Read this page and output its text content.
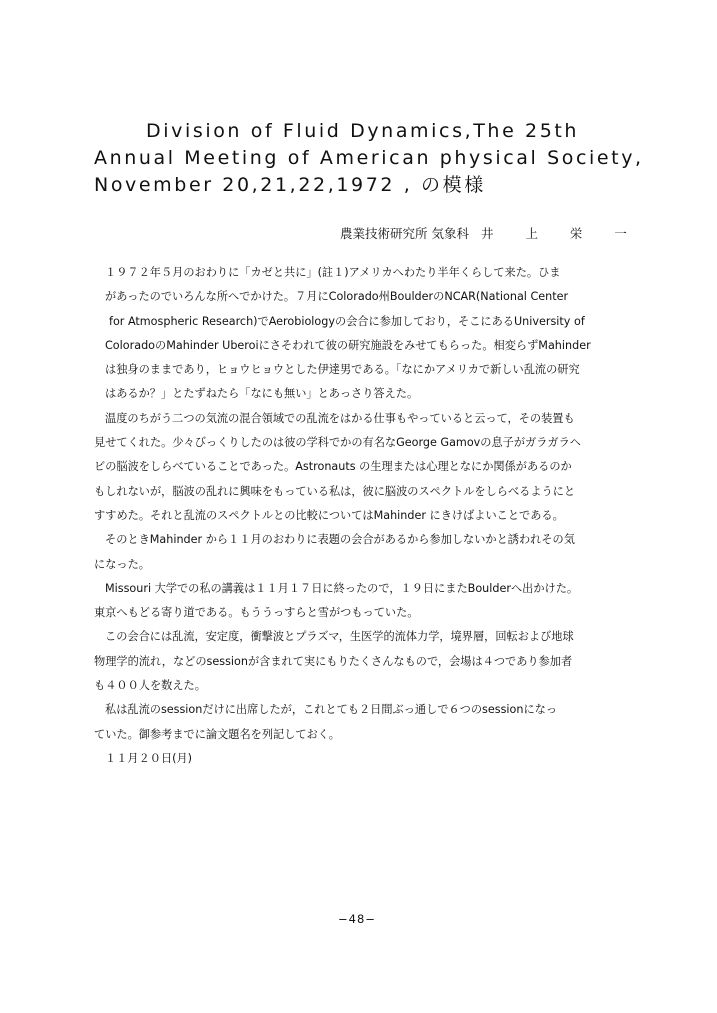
Division of Fluid Dynamics,The 25th
Annual Meeting of American physical Society,
November 20,21,22,1972 , の模様
農業技術研究所 気象科 井 上 栄 一

１９７２年５月のおわりに「カゼと共に」(註１)アメリカへわたり半年くらして来た。ひま
があったのでいろんな所へでかけた。７月にColorado州BoulderのNCAR(National Center
for Atmospheric Research)でAerobiologyの会合に参加しており，そこにあるUniversity of
ColoradoのMahinder Uberoiにさそわれて彼の研究施設をみせてもらった。相変らずMahinder
は独身のままであり，ヒョウヒョウとした伊達男である。「なにかアメリカで新しい乱流の研究
はあるか？」とたずねたら「なにも無い」とあっさり答えた。

温度のちがう二つの気流の混合領域での乱流をはかる仕事もやっていると云って，その装置も
見せてくれた。少々びっくりしたのは彼の学科でかの有名なGeorge Gamovの息子がガラガラヘ
ビの脳波をしらべていることであった。Astronauts の生理または心理となにか関係があるのか
もしれないが，脳波の乱れに興味をもっている私は，彼に脳波のスペクトルをしらべるようにと
すすめた。それと乱流のスペクトルとの比較についてはMahinder にきけばよいことである。

そのときMahinder から１１月のおわりに表題の会合があるから参加しないかと誘われその気
になった。

Missouri 大学での私の講義は１１月１７日に終ったので，１９日にまたBoulderへ出かけた。
東京へもどる寄り道である。もううっすらと雪がつもっていた。

この会合には乱流，安定度，衝撃波とプラズマ，生医学的流体力学，境界層，回転および地球
物理学的流れ，などのsessionが含まれて実にもりたくさんなもので，会場は４つであり参加者
も４００人を数えた。

私は乱流のsessionだけに出席したが，これとても２日間ぶっ通しで６つのsessionになっ
ていた。御参考までに論文題名を列記しておく。

１１月２０日(月)

−48−
